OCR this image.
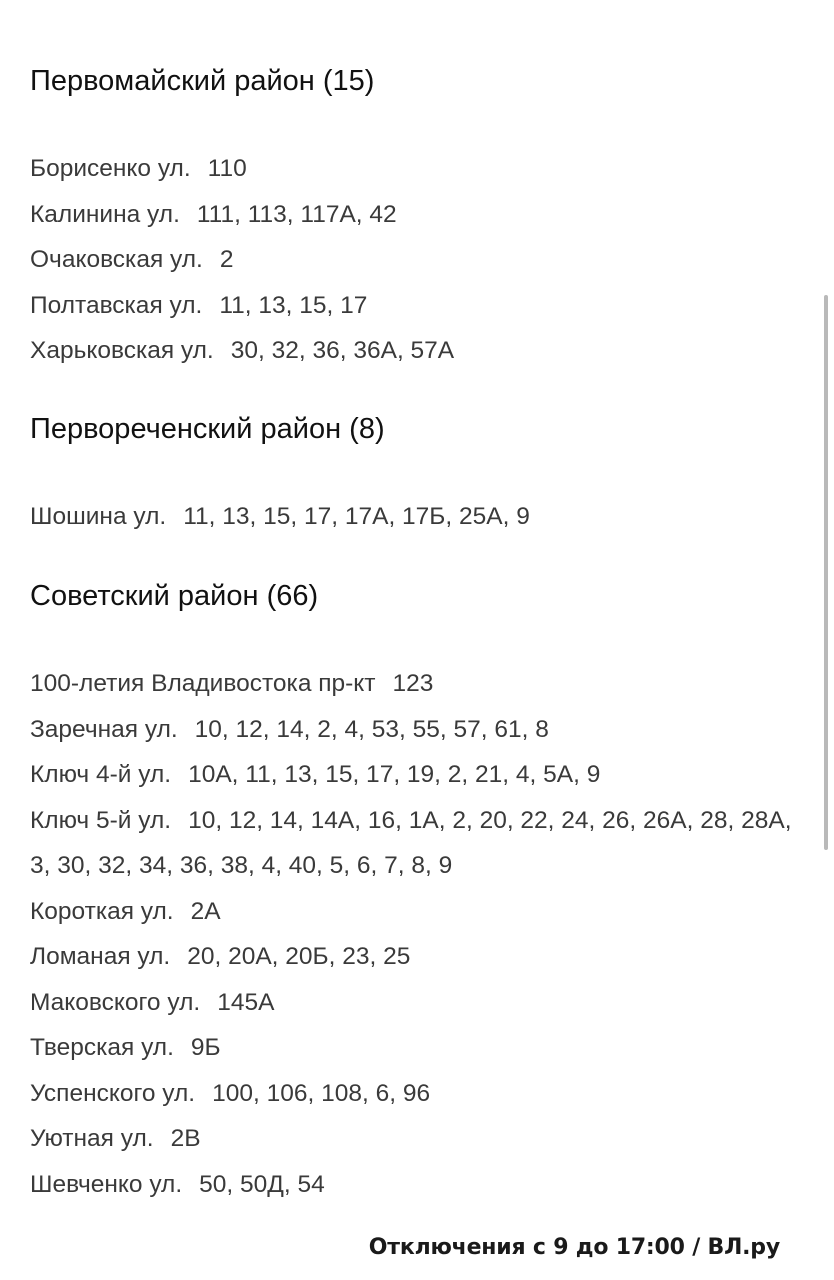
Первомайский район (15)
Борисенко ул. 110
Калинина ул. 111, 113, 117А, 42
Очаковская ул. 2
Полтавская ул. 11, 13, 15, 17
Харьковская ул. 30, 32, 36, 36А, 57А
Первореченский район (8)
Шошина ул. 11, 13, 15, 17, 17А, 17Б, 25А, 9
Советский район (66)
100-летия Владивостока пр-кт 123
Заречная ул. 10, 12, 14, 2, 4, 53, 55, 57, 61, 8
Ключ 4-й ул. 10А, 11, 13, 15, 17, 19, 2, 21, 4, 5А, 9
Ключ 5-й ул. 10, 12, 14, 14А, 16, 1А, 2, 20, 22, 24, 26, 26А, 28, 28А, 3, 30, 32, 34, 36, 38, 4, 40, 5, 6, 7, 8, 9
Короткая ул. 2А
Ломаная ул. 20, 20А, 20Б, 23, 25
Маковского ул. 145А
Тверская ул. 9Б
Успенского ул. 100, 106, 108, 6, 96
Уютная ул. 2В
Шевченко ул. 50, 50Д, 54
Отключения с 9 до 17:00 / ВЛ.ру
